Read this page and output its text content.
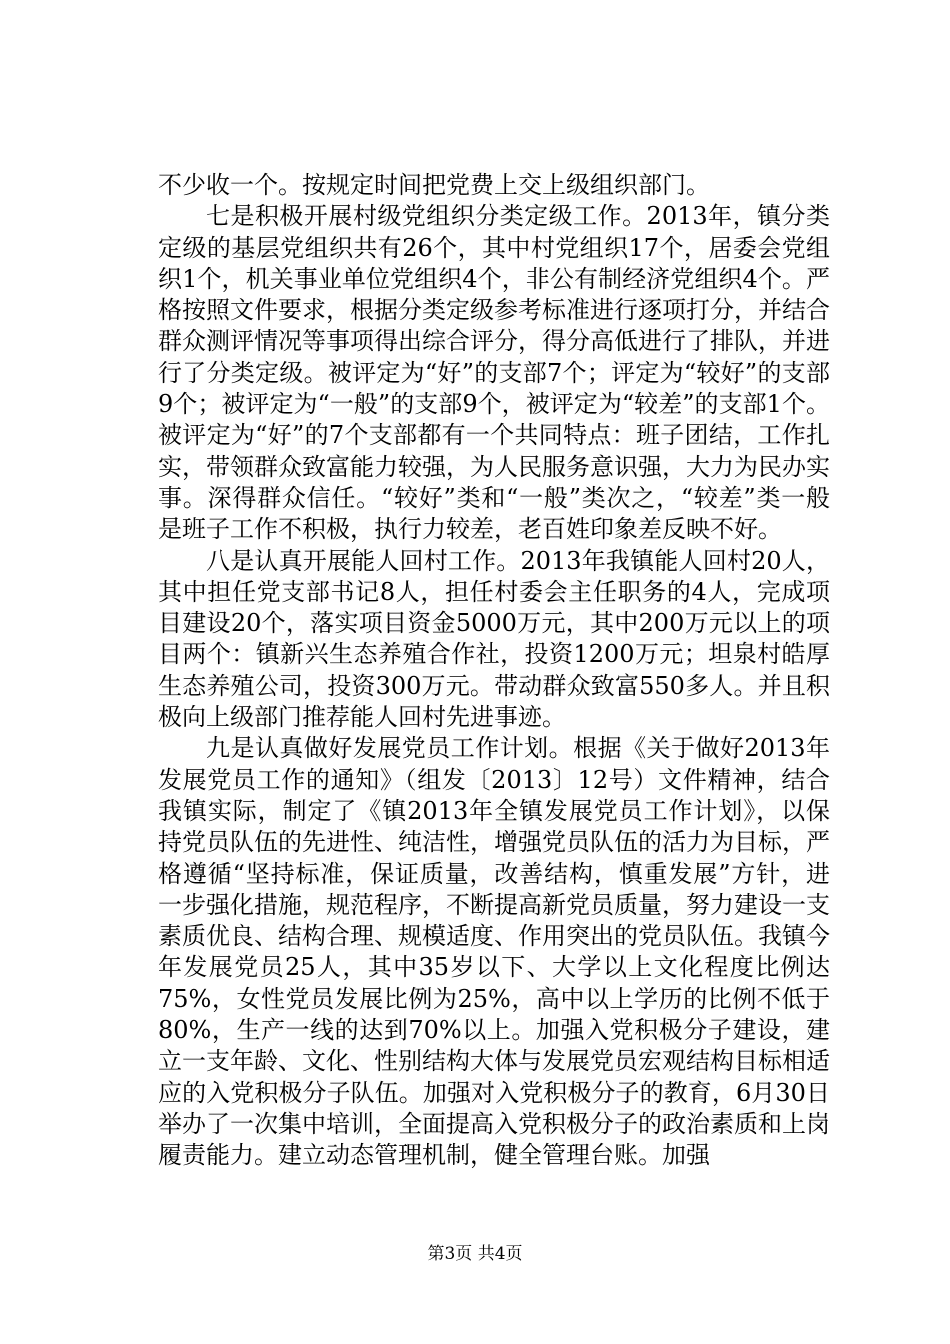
不少收一个。按规定时间把党费上交上级组织部门。

七是积极开展村级党组织分类定级工作。2013年，镇分类定级的基层党组织共有26个，其中村党组织17个，居委会党组织1个，机关事业单位党组织4个，非公有制经济党组织4个。严格按照文件要求，根据分类定级参考标准进行逐项打分，并结合群众测评情况等事项得出综合评分，得分高低进行了排队，并进行了分类定级。被评定为“好”的支部7个；评定为“较好”的支部9个；被评定为“一般”的支部9个，被评定为“较差”的支部1个。被评定为“好”的7个支部都有一个共同特点：班子团结，工作扎实，带领群众致富能力较强，为人民服务意识强，大力为民办实事。深得群众信任。“较好”类和“一般”类次之，“较差”类一般是班子工作不积极，执行力较差，老百姓印象差反映不好。

八是认真开展能人回村工作。2013年我镇能人回村20人，其中担任党支部书记8人，担任村委会主任职务的4人，完成项目建设20个，落实项目资金5000万元，其中200万元以上的项目两个：镇新兴生态养殖合作社，投资1200万元；坦泉村皓厚生态养殖公司，投资300万元。带动群众致富550多人。并且积极向上级部门推荐能人回村先进事迹。

九是认真做好发展党员工作计划。根据《关于做好2013年发展党员工作的通知》（组发〔2013〕12号）文件精神，结合我镇实际，制定了《镇2013年全镇发展党员工作计划》，以保持党员队伍的先进性、纯洁性，增强党员队伍的活力为目标，严格遵循“坚持标准，保证质量，改善结构，慎重发展”方针，进一步强化措施，规范程序，不断提高新党员质量，努力建设一支素质优良、结构合理、规模适度、作用突出的党员队伍。我镇今年发展党员25人，其中35岁以下、大学以上文化程度比例达75%，女性党员发展比例为25%，高中以上学历的比例不低于80%，生产一线的达到70%以上。加强入党积极分子建设，建立一支年龄、文化、性别结构大体与发展党员宏观结构目标相适应的入党积极分子队伍。加强对入党积极分子的教育，6月30日举办了一次集中培训，全面提高入党积极分子的政治素质和上岗履责能力。建立动态管理机制，健全管理台账。加强

第3页 共4页
